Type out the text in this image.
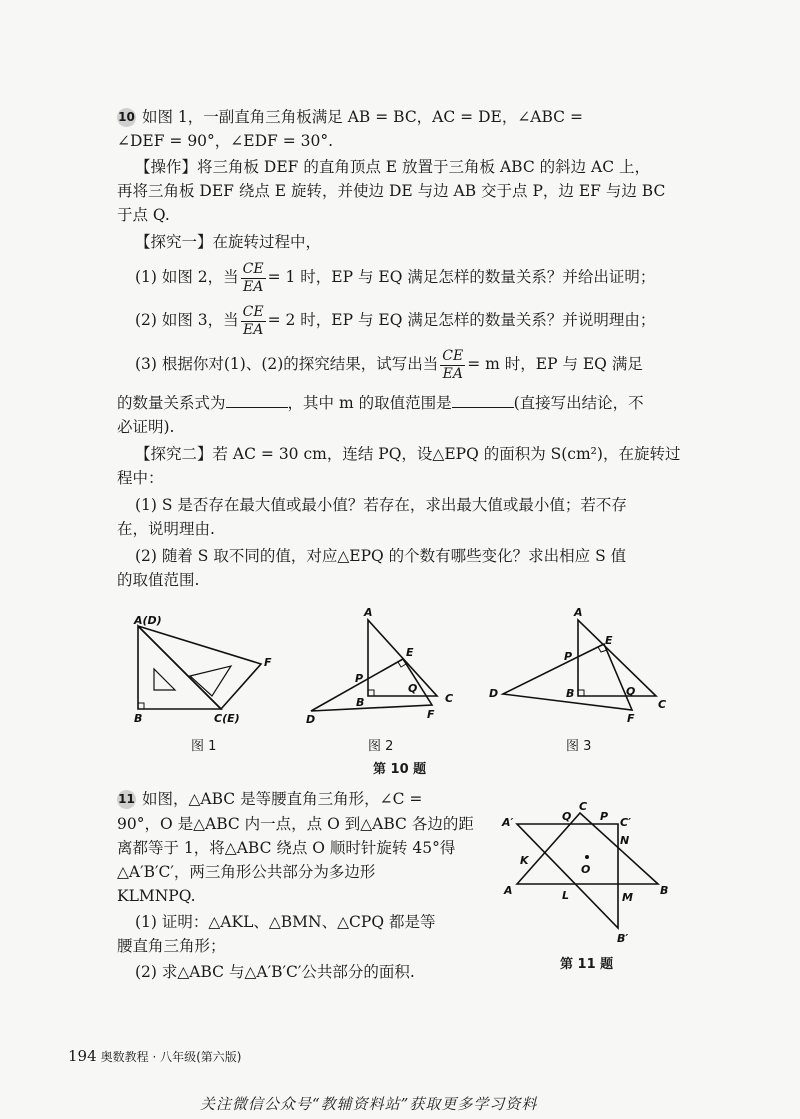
10 如图 1，一副直角三角板满足 AB = BC，AC = DE，∠ABC =
∠DEF = 90°，∠EDF = 30°.
【操作】将三角板 DEF 的直角顶点 E 放置于三角板 ABC 的斜边 AC 上，
再将三角板 DEF 绕点 E 旋转，并使边 DE 与边 AB 交于点 P，边 EF 与边 BC
于点 Q.
【探究一】在旋转过程中，
(1) 如图 2，当 $\frac{CE}{EA} = 1$ 时，EP 与 EQ 满足怎样的数量关系？并给出证明；
(2) 如图 3，当 $\frac{CE}{EA} = 2$ 时，EP 与 EQ 满足怎样的数量关系？并说明理由；
(3) 根据你对(1)、(2)的探究结果，试写出当 $\frac{CE}{EA} = m$ 时，EP 与 EQ 满足
的数量关系式为	，其中 m 的取值范围是	(直接写出结论，不
必证明).
【探究二】若 AC = 30 cm，连结 PQ，设△EPQ 的面积为 S(cm²)，在旋转过
程中：
(1) S 是否存在最大值或最小值？若存在，求出最大值或最小值；若不存
在，说明理由.
(2) 随着 S 取不同的值，对应△EPQ 的个数有哪些变化？求出相应 S 值
的取值范围.
A(D)
B	C(E)
F
图 1
A
E
P
Q
B	C
D	F
图 2
A
E
P
B	Q
D
C
F
图 3
第 10 题
11 如图，△ABC 是等腰直角三角形，∠C =
90°，O 是△ABC 内一点，点 O 到△ABC 各边的距
离都等于 1，将△ABC 绕点 O 顺时针旋转 45°得
△A′B′C′，两三角形公共部分为多边形
KLMNPQ.
(1) 证明：△AKL、△BMN、△CPQ 都是等
腰直角三角形；
(2) 求△ABC 与△A′B′C′公共部分的面积.
C
Q	P
A′	C′
N
K
O
A	L	M
B
B′
第 11 题
194 奥数教程 · 八年级(第六版)
关注微信公众号“教辅资料站”获取更多学习资料
